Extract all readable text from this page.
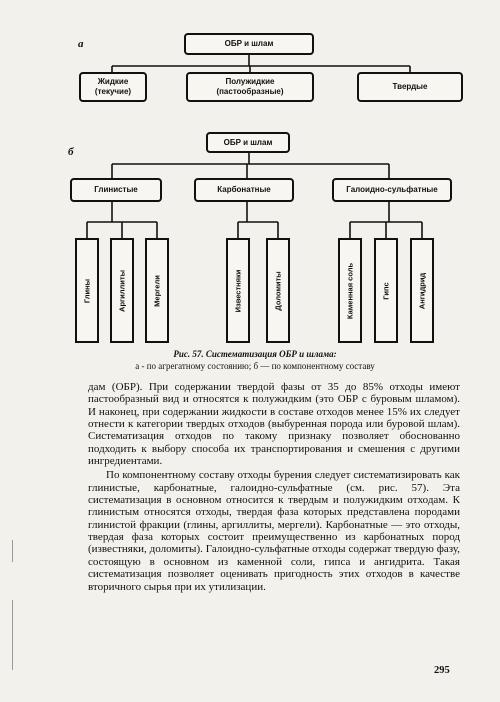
а	ОБР и шлам
Жидкие
(текучие)
Полужидкие
(пастообразные)
Твердые
б
ОБР и шлам
Глинистые	Карбонатные	Галоидно-сульфатные
Глины	Аргиллиты	Мергели	Известняки	Доломиты	Каменная соль	Гипс	Ангидрид
Рис. 57. Систематизация ОБР и шлама:
а - по агрегатному состоянию; б — по компонентному составу

дам (ОБР). При содержании твердой фазы от 35 до 85% отходы имеют пастообразный вид и относятся к полужидким (это ОБР с буровым шламом). И наконец, при содержании жидкости в составе отходов менее 15% их следует отнести к категории твердых отходов (выбуренная порода или буровой шлам). Систематизация отходов по такому признаку позволяет обоснованно подходить к выбору способа их транспортирования и смешения с другими ингредиентами.

По компонентному составу отходы бурения следует систематизировать как глинистые, карбонатные, галоидно-сульфатные (см. рис. 57). Эта систематизация в основном относится к твердым и полужидким отходам. К глинистым относятся отходы, твердая фаза которых представлена породами глинистой фракции (глины, аргиллиты, мергели). Карбонатные — это отходы, твердая фаза которых состоит преимущественно из карбонатных пород (известняки, доломиты). Галоидно-сульфатные отходы содержат твердую фазу, состоящую в основном из каменной соли, гипса и ангидрита. Такая систематизация позволяет оценивать пригодность этих отходов в качестве вторичного сырья при их утилизации.

295
